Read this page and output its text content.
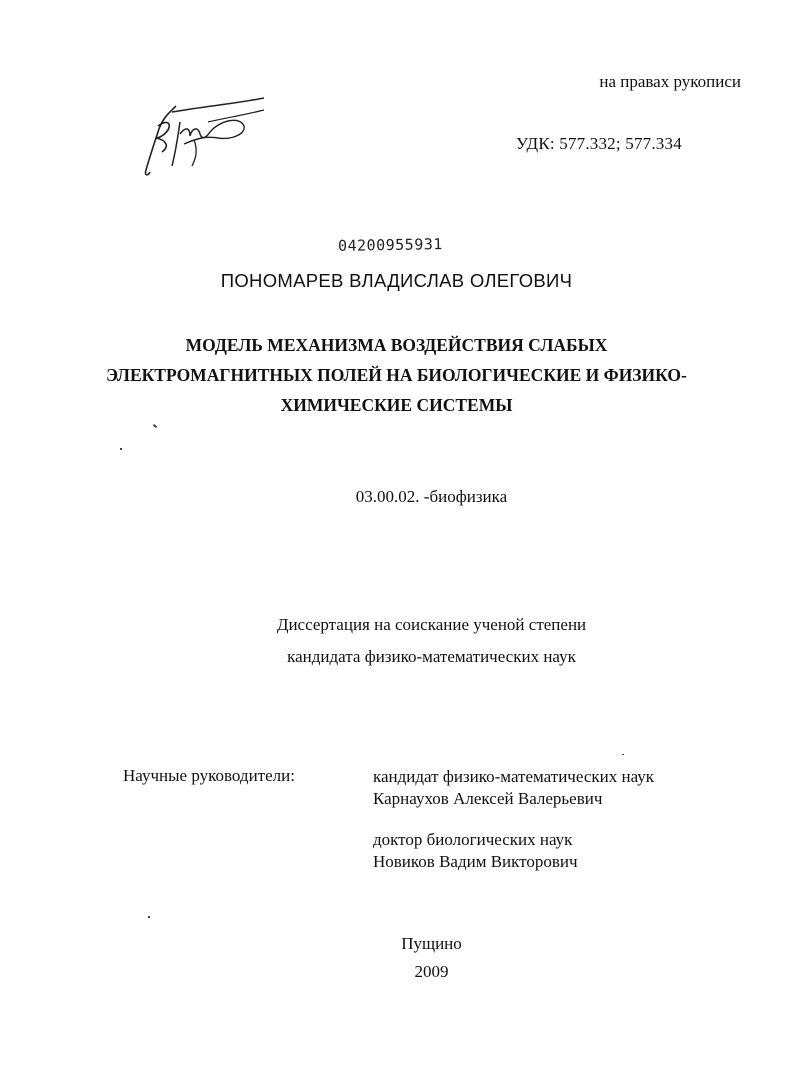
на правах рукописи
УДК: 577.332; 577.334
04200955931
ПОНОМАРЕВ ВЛАДИСЛАВ ОЛЕГОВИЧ
МОДЕЛЬ МЕХАНИЗМА ВОЗДЕЙСТВИЯ СЛАБЫХ
ЭЛЕКТРОМАГНИТНЫХ ПОЛЕЙ НА БИОЛОГИЧЕСКИЕ И ФИЗИКО-
ХИМИЧЕСКИЕ СИСТЕМЫ
03.00.02. -биофизика
Диссертация на соискание ученой степени
кандидата физико-математических наук
Научные руководители:	кандидат физико-математических наук
Карнаухов Алексей Валерьевич
доктор биологических наук
Новиков Вадим Викторович
Пущино
2009
